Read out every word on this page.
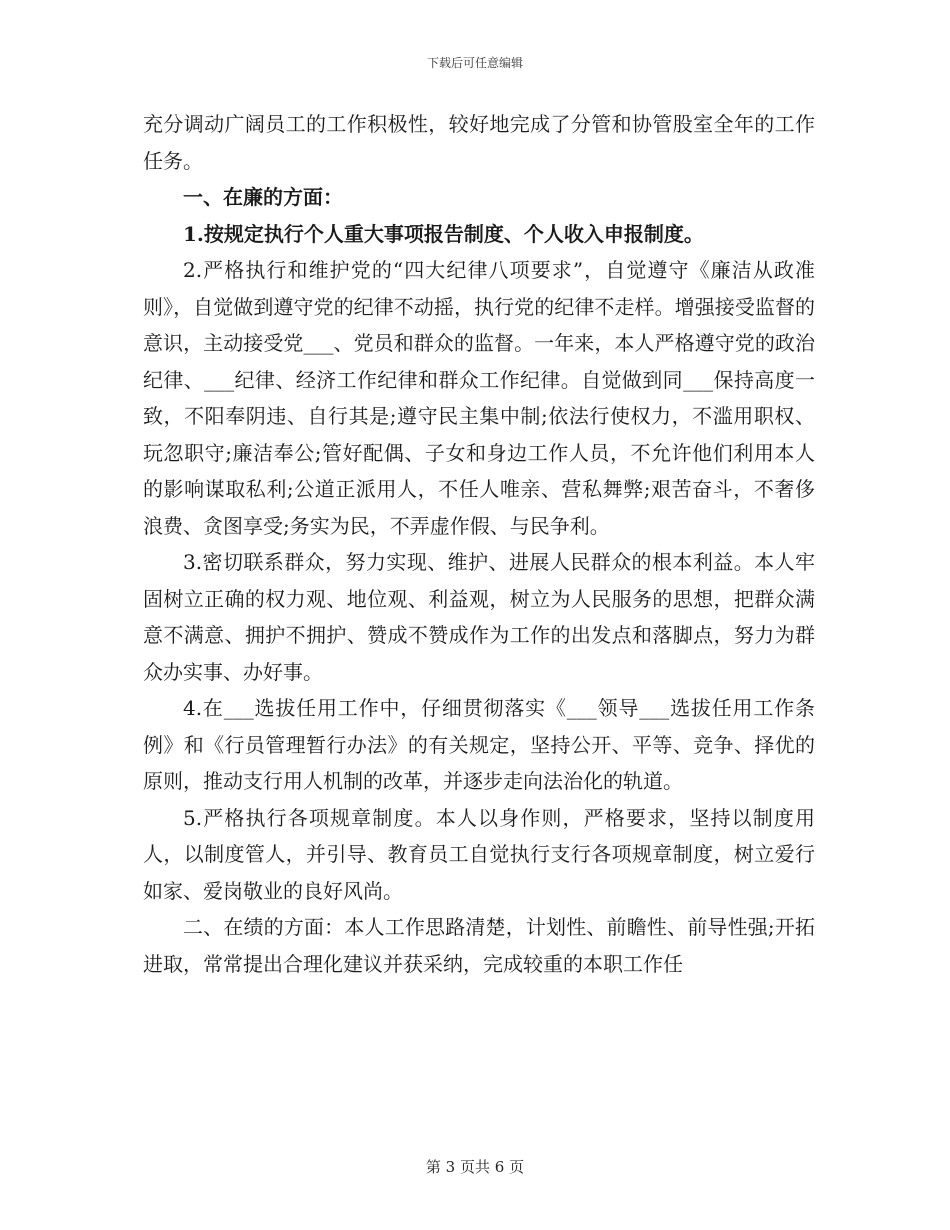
下载后可任意编辑

充分调动广阔员工的工作积极性，较好地完成了分管和协管股室全年的工作任务。

一、在廉的方面：

1.按规定执行个人重大事项报告制度、个人收入申报制度。

2.严格执行和维护党的“四大纪律八项要求”，自觉遵守《廉洁从政准则》，自觉做到遵守党的纪律不动摇，执行党的纪律不走样。增强接受监督的意识，主动接受党___、党员和群众的监督。一年来，本人严格遵守党的政治纪律、___纪律、经济工作纪律和群众工作纪律。自觉做到同___保持高度一致，不阳奉阴违、自行其是;遵守民主集中制;依法行使权力，不滥用职权、玩忽职守;廉洁奉公;管好配偶、子女和身边工作人员，不允许他们利用本人的影响谋取私利;公道正派用人，不任人唯亲、营私舞弊;艰苦奋斗，不奢侈浪费、贪图享受;务实为民，不弄虚作假、与民争利。

3.密切联系群众，努力实现、维护、进展人民群众的根本利益。本人牢固树立正确的权力观、地位观、利益观，树立为人民服务的思想，把群众满意不满意、拥护不拥护、赞成不赞成作为工作的出发点和落脚点，努力为群众办实事、办好事。

4.在___选拔任用工作中，仔细贯彻落实《___领导___选拔任用工作条例》和《行员管理暂行办法》的有关规定，坚持公开、平等、竞争、择优的原则，推动支行用人机制的改革，并逐步走向法治化的轨道。

5.严格执行各项规章制度。本人以身作则，严格要求，坚持以制度用人，以制度管人，并引导、教育员工自觉执行支行各项规章制度，树立爱行如家、爱岗敬业的良好风尚。

二、在绩的方面：本人工作思路清楚，计划性、前瞻性、前导性强;开拓进取，常常提出合理化建议并获采纳，完成较重的本职工作任

第 3 页共 6 页
